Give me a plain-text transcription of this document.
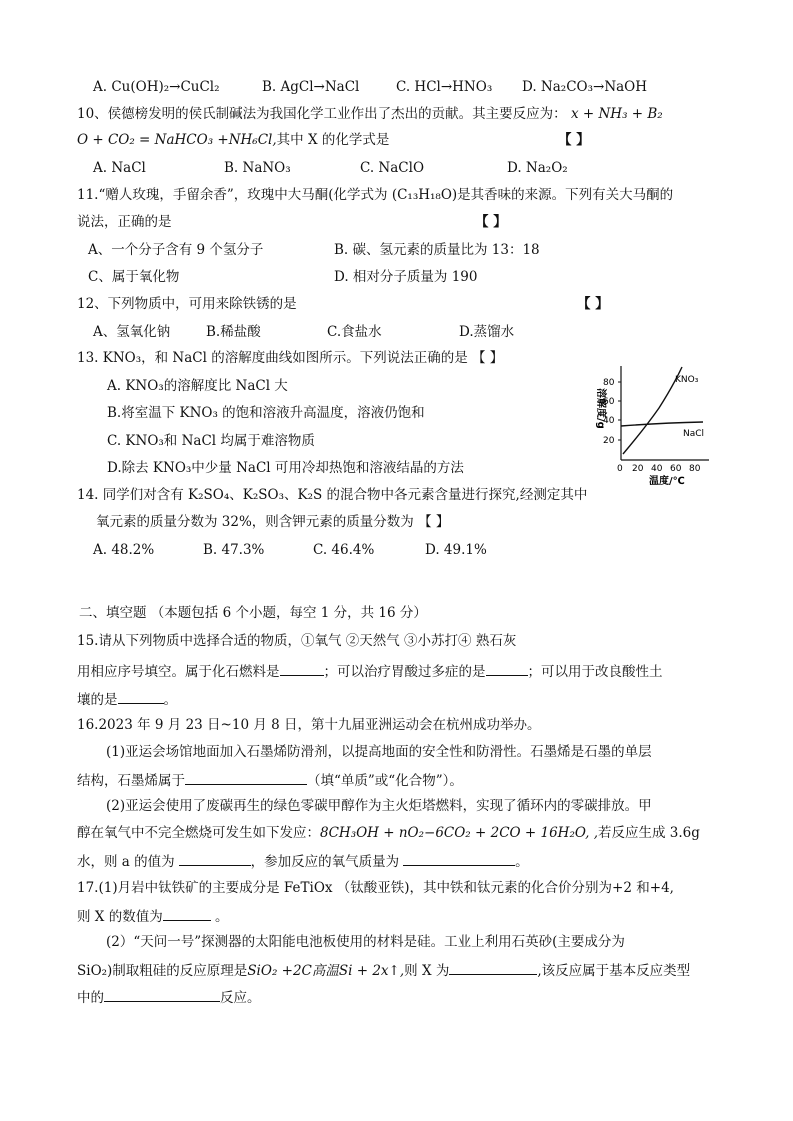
A. Cu(OH)₂→CuCl₂	B. AgCl→NaCl	C. HCl→HNO₃ D. Na₂CO₃→NaOH
10、侯德榜发明的侯氏制碱法为我国化学工业作出了杰出的贡献。其主要反应为： x + NH₃ + B₂
O + CO₂ = NaHCO₃ +NH₆Cl,其中 X 的化学式是	【 】
A. NaCl	B. NaNO₃	C. NaClO	D. Na₂O₂
11.“赠人玫瑰，手留余香”，玫瑰中大马酮(化学式为 (C₁₃H₁₈O)是其香味的来源。下列有关大马酮的
说法，正确的是	【 】
A、一个分子含有 9 个氢分子	B. 碳、氢元素的质量比为 13：18
C、属于氧化物	D. 相对分子质量为 190
12、下列物质中，可用来除铁锈的是	【 】
A、氢氧化钠	B.稀盐酸	C.食盐水	D.蒸馏水
13. KNO₃，和 NaCl 的溶解度曲线如图所示。下列说法正确的是 【 】
A. KNO₃的溶解度比 NaCl 大
B.将室温下 KNO₃ 的饱和溶液升高温度，溶液仍饱和
C. KNO₃和 NaCl 均属于难溶物质
D.除去 KNO₃中少量 NaCl 可用冷却热饱和溶液结晶的方法
溶解度/g
80
60
40
20
0 20 40 60 80
KNO₃
NaCl
温度/℃
14. 同学们对含有 K₂SO₄、K₂SO₃、K₂S 的混合物中各元素含量进行探究,经测定其中
氧元素的质量分数为 32%，则含钾元素的质量分数为 【 】
A. 48.2%	B. 47.3%	C. 46.4%	D. 49.1%
二、填空题 （本题包括 6 个小题，每空 1 分，共 16 分）
15.请从下列物质中选择合适的物质，①氧气 ②天然气 ③小苏打④ 熟石灰
用相应序号填空。属于化石燃料是	；可以治疗胃酸过多症的是	；可以用于改良酸性土
壤的是	。
16.2023 年 9 月 23 日~10 月 8 日，第十九届亚洲运动会在杭州成功举办。
(1)亚运会场馆地面加入石墨烯防滑剂，以提高地面的安全性和防滑性。石墨烯是石墨的单层
结构，石墨烯属于	（填“单质”或“化合物”）。
(2)亚运会使用了废碳再生的绿色零碳甲醇作为主火炬塔燃料，实现了循环内的零碳排放。甲
醇在氧气中不完全燃烧可发生如下发应：8CH₃OH + nO₂−6CO₂ + 2CO + 16H₂O, ,若反应生成 3.6g
水，则 a 的值为	，参加反应的氧气质量为	。
17.(1)月岩中钛铁矿的主要成分是 FeTiOx （钛酸亚铁)，其中铁和钛元素的化合价分别为+2 和+4,
则 X 的数值为	。
(2）“天问一号”探测器的太阳能电池板使用的材料是硅。工业上利用石英砂(主要成分为
SiO₂)制取粗硅的反应原理是SiO₂ +2C高温Si + 2x↑,则 X 为	,该反应属于基本反应类型
中的	反应。
